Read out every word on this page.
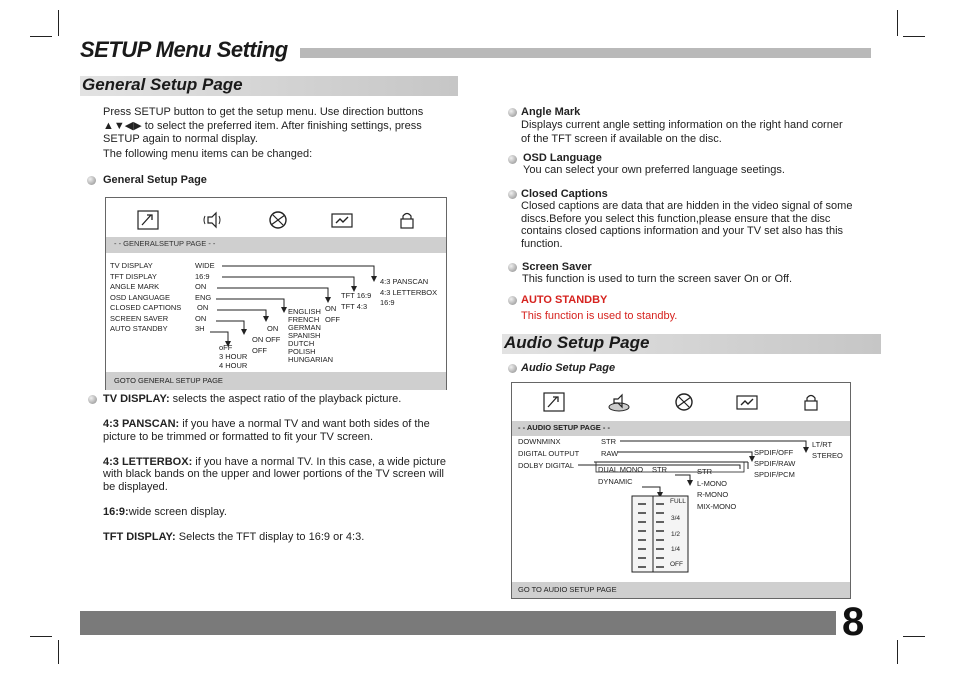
SETUP Menu Setting
General Setup Page
Press SETUP button to get the setup menu. Use direction buttons
▲▼◀▶ to select the preferred item. After finishing settings, press
SETUP again to normal display.
The following menu items can be changed:
General Setup Page
- - GENERALSETUP PAGE - -
TV DISPLAY
TFT DISPLAY
ANGLE MARK
OSD LANGUAGE
CLOSED CAPTIONS
SCREEN SAVER
AUTO STANDBY
WIDE
16:9
ON
ENG
ON
ON
3H
4:3 PANSCAN
4:3 LETTERBOX
16:9
TFT 16:9
TFT 4:3
ON
OFF
ENGLISH
FRENCH
GERMAN
SPANISH
DUTCH
POLISH
HUNGARIAN
ON
ON OFF
OFF
oFF
3 HOUR
4 HOUR
GOTO GENERAL SETUP PAGE
TV DISPLAY: selects the aspect ratio of the playback picture.
4:3 PANSCAN: if you have a normal TV and want both sides of the
picture to be trimmed or formatted to fit your TV screen.
4:3 LETTERBOX: if you have a normal TV. In this case, a wide picture
with black bands on the upper and lower portions of the TV screen will
be displayed.
16:9:wide screen display.
TFT DISPLAY: Selects the TFT display to 16:9 or 4:3.
Angle Mark
Displays current angle setting information on the right hand corner
of the TFT screen if available on the disc.
OSD Language
You can select your own preferred language seetings.
Closed Captions
Closed captions are data that are hidden in the video signal of some
discs.Before you select this function,please ensure that the disc
contains closed captions information and your TV set also has this
function.
Screen Saver
This function is used to turn the screen saver On or Off.
AUTO STANDBY
This function is used to standby.
Audio Setup Page
Audio Setup Page
- - AUDIO SETUP PAGE - -
DOWNMINX
DIGITAL OUTPUT
DOLBY DIGITAL
STR
RAW
LT/RT
STEREO
SPDIF/OFF
SPDIF/RAW
SPDIF/PCM
DUAL MONO STR
DYNAMIC
STR
L-MONO
R-MONO
MIX-MONO
FULL
3/4
1/2
1/4
OFF
GO TO AUDIO SETUP PAGE
8
